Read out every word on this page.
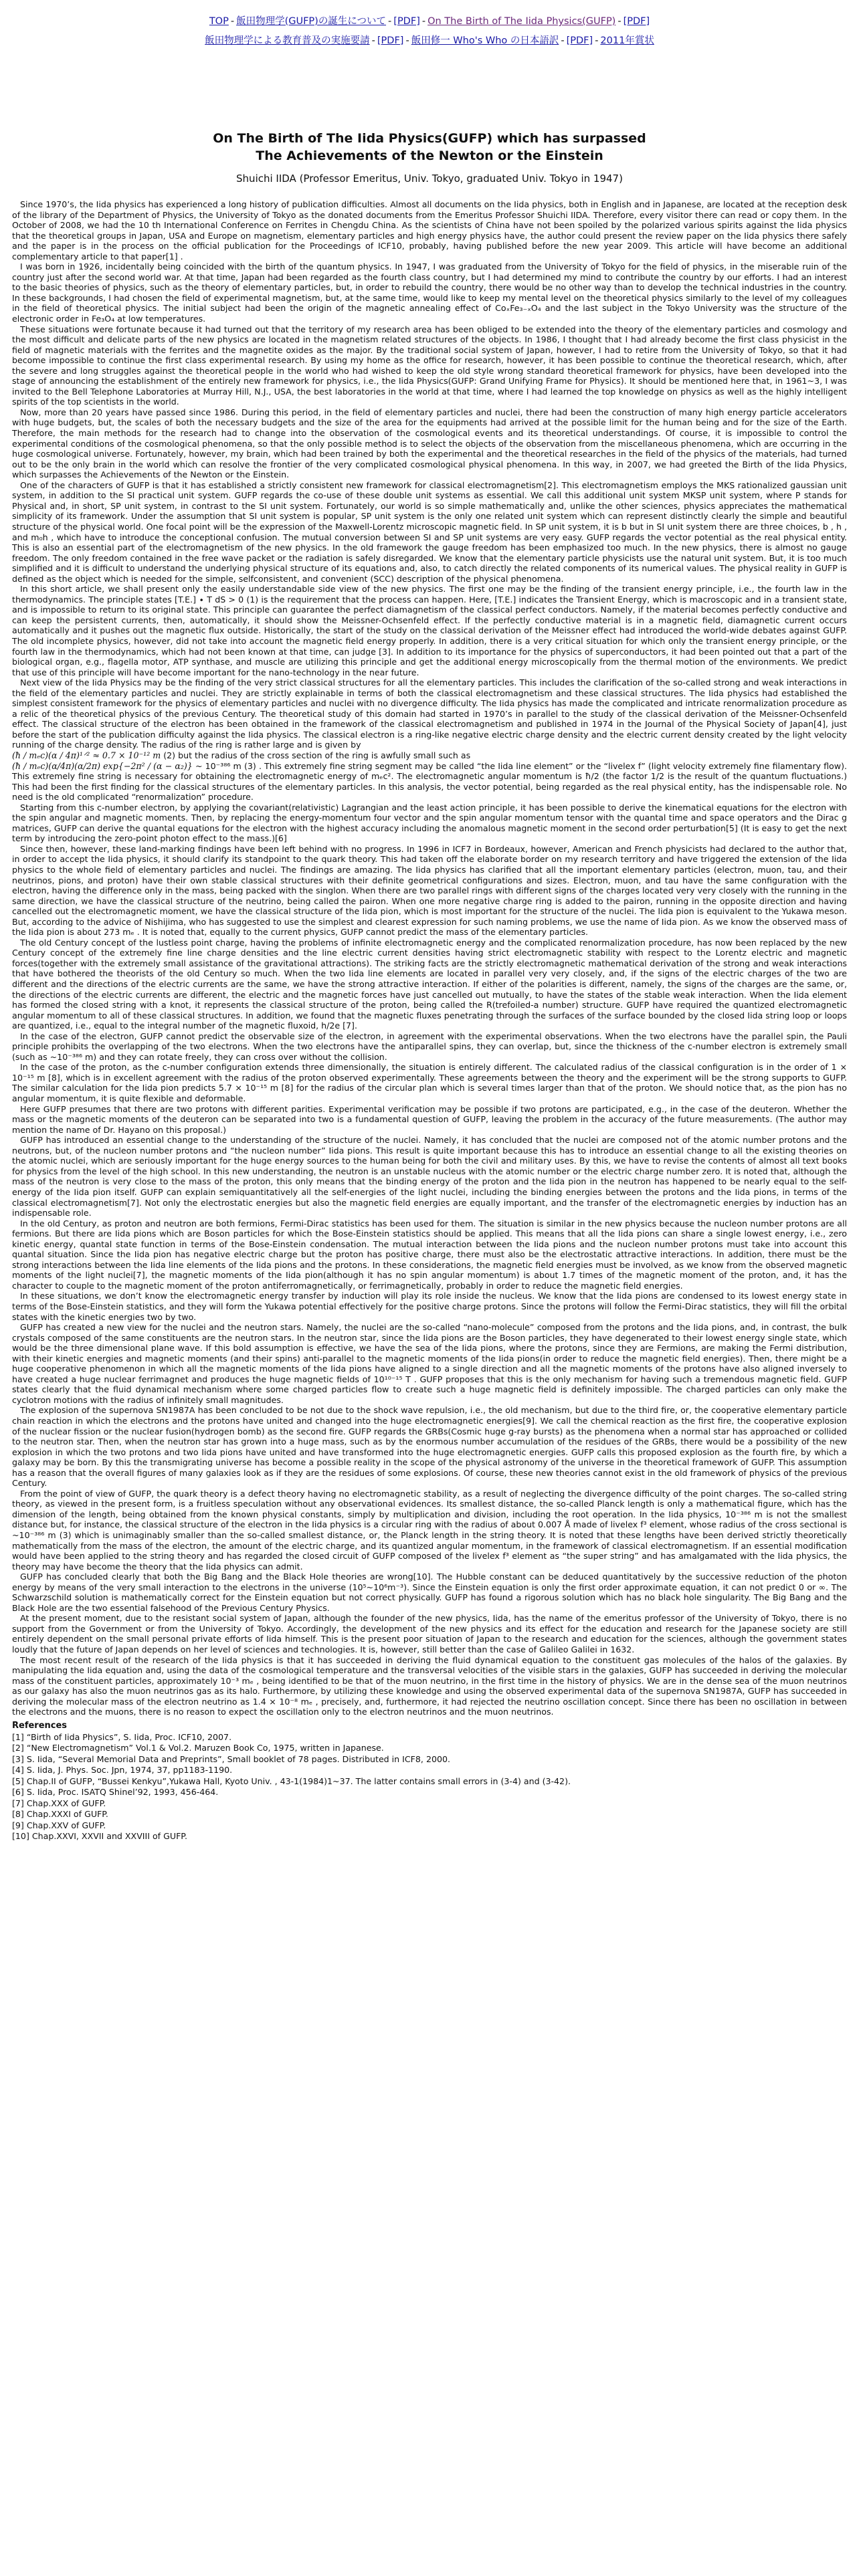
TOP - 飯田物理学(GUFP)の誕生について - [PDF] - On The Birth of The Iida Physics(GUFP) - [PDF]
飯田物理学による教育普及の実施要請 - [PDF] - 飯田修一 Who's Who の日本語訳 - [PDF] - 2011年賞状
On The Birth of The Iida Physics(GUFP) which has surpassed
The Achievements of the Newton or the Einstein
Shuichi IIDA (Professor Emeritus, Univ. Tokyo, graduated Univ. Tokyo in 1947)

Since 1970’s, the Iida physics has experienced a long history of publication difficulties. Almost all documents on the Iida physics, both in English and in Japanese, are located at the reception desk of the library of the Department of Physics, the University of Tokyo as the donated documents from the Emeritus Professor Shuichi IIDA. Therefore, every visitor there can read or copy them. In the October of 2008, we had the 10 th International Conference on Ferrites in Chengdu China. As the scientists of China have not been spoiled by the polarized various spirits against the Iida physics that the theoretical groups in Japan, USA and Europe on magnetism, elementary particles and high energy physics have, the author could present the review paper on the Iida physics there safely and the paper is in the process on the official publication for the Proceedings of ICF10, probably, having published before the new year 2009. This article will have become an additional complementary article to that paper[1] .

I was born in 1926, incidentally being coincided with the birth of the quantum physics. In 1947, I was graduated from the University of Tokyo for the field of physics, in the miserable ruin of the country just after the second world war. At that time, Japan had been regarded as the fourth class country, but I had determined my mind to contribute the country by our efforts. I had an interest to the basic theories of physics, such as the theory of elementary particles, but, in order to rebuild the country, there would be no other way than to develop the technical industries in the country. In these backgrounds, I had chosen the field of experimental magnetism, but, at the same time, would like to keep my mental level on the theoretical physics similarly to the level of my colleagues in the field of theoretical physics. The initial subject had been the origin of the magnetic annealing effect of CoₓFe₃₋ₓO₄ and the last subject in the Tokyo University was the structure of the electronic order in Fe₃O₄ at low temperatures.

These situations were fortunate because it had turned out that the territory of my research area has been obliged to be extended into the theory of the elementary particles and cosmology and the most difficult and delicate parts of the new physics are located in the magnetism related structures of the objects. In 1986, I thought that I had already become the first class physicist in the field of magnetic materials with the ferrites and the magnetite oxides as the major. By the traditional social system of Japan, however, I had to retire from the University of Tokyo, so that it had become impossible to continue the first class experimental research. By using my home as the office for research, however, it has been possible to continue the theoretical research, which, after the severe and long struggles against the theoretical people in the world who had wished to keep the old style wrong standard theoretical framework for physics, have been developed into the stage of announcing the establishment of the entirely new framework for physics, i.e., the Iida Physics(GUFP: Grand Unifying Frame for Physics). It should be mentioned here that, in 1961~3, I was invited to the Bell Telephone Laboratories at Murray Hill, N.J., USA, the best laboratories in the world at that time, where I had learned the top knowledge on physics as well as the highly intelligent spirits of the top scientists in the world.

Now, more than 20 years have passed since 1986. During this period, in the field of elementary particles and nuclei, there had been the construction of many high energy particle accelerators with huge budgets, but, the scales of both the necessary budgets and the size of the area for the equipments had arrived at the possible limit for the human being and for the size of the Earth. Therefore, the main methods for the research had to change into the observation of the cosmological events and its theoretical understandings. Of course, it is impossible to control the experimental conditions of the cosmological phenomena, so that the only possible method is to select the objects of the observation from the miscellaneous phenomena, which are occurring in the huge cosmological universe. Fortunately, however, my brain, which had been trained by both the experimental and the theoretical researches in the field of the physics of the materials, had turned out to be the only brain in the world which can resolve the frontier of the very complicated cosmological physical phenomena. In this way, in 2007, we had greeted the Birth of the Iida Physics, which surpasses the Achievements of the Newton or the Einstein.

One of the characters of GUFP is that it has established a strictly consistent new framework for classical electromagnetism[2]. This electromagnetism employs the MKS rationalized gaussian unit system, in addition to the SI practical unit system. GUFP regards the co-use of these double unit systems as essential. We call this additional unit system MKSP unit system, where P stands for Physical and, in short, SP unit system, in contrast to the SI unit system. Fortunately, our world is so simple mathematically and, unlike the other sciences, physics appreciates the mathematical simplicity of its framework. Under the assumption that SI unit system is popular, SP unit system is the only one related unit system which can represent distinctly clearly the simple and beautiful structure of the physical world. One focal point will be the expression of the Maxwell-Lorentz microscopic magnetic field. In SP unit system, it is b but in SI unit system there are three choices, b , h , and m₀h , which have to introduce the conceptional confusion. The mutual conversion between SI and SP unit systems are very easy. GUFP regards the vector potential as the real physical entity. This is also an essential part of the electromagnetism of the new physics. In the old framework the gauge freedom has been emphasized too much. In the new physics, there is almost no gauge freedom. The only freedom contained in the free wave packet or the radiation is safely disregarded. We know that the elementary particle physicists use the natural unit system. But, it is too much simplified and it is difficult to understand the underlying physical structure of its equations and, also, to catch directly the related components of its numerical values. The physical reality in GUFP is defined as the object which is needed for the simple, selfconsistent, and convenient (SCC) description of the physical phenomena.

In this short article, we shall present only the easily understandable side view of the new physics. The first one may be the finding of the transient energy principle, i.e., the fourth law in the thermodynamics. The principle states [T.E.] ∙ T dS > 0 (1) is the requirement that the process can happen. Here, [T.E.] indicates the Transient Energy, which is macroscopic and in a transient state, and is impossible to return to its original state. This principle can guarantee the perfect diamagnetism of the classical perfect conductors. Namely, if the material becomes perfectly conductive and can keep the persistent currents, then, automatically, it should show the Meissner-Ochsenfeld effect. If the perfectly conductive material is in a magnetic field, diamagnetic current occurs automatically and it pushes out the magnetic flux outside. Historically, the start of the study on the classical derivation of the Meissner effect had introduced the world-wide debates against GUFP. The old incomplete physics, however, did not take into account the magnetic field energy properly. In addition, there is a very critical situation for which only the transient energy principle, or the fourth law in the thermodynamics, which had not been known at that time, can judge [3]. In addition to its importance for the physics of superconductors, it had been pointed out that a part of the biological organ, e.g., flagella motor, ATP synthase, and muscle are utilizing this principle and get the additional energy microscopically from the thermal motion of the environments. We predict that use of this principle will have become important for the nano-technology in the near future.

Next view of the Iida Physics may be the finding of the very strict classical structures for all the elementary particles. This includes the clarification of the so-called strong and weak interactions in the field of the elementary particles and nuclei. They are strictly explainable in terms of both the classical electromagnetism and these classical structures. The Iida physics had established the simplest consistent framework for the physics of elementary particles and nuclei with no divergence difficulty. The Iida physics has made the complicated and intricate renormalization procedure as a relic of the theoretical physics of the previous Century. The theoretical study of this domain had started in 1970’s in parallel to the study of the classical derivation of the Meissner-Ochsenfeld effect. The classical structure of the electron has been obtained in the framework of the classical electromagnetism and published in 1974 in the Journal of the Physical Society of Japan[4], just before the start of the publication difficulty against the Iida physics. The classical electron is a ring-like negative electric charge density and the electric current density created by the light velocity running of the charge density. The radius of the ring is rather large and is given by

(ħ / mₑc)(α / 4π)¹ᐟ² ≈ 0.7 × 10⁻¹² m (2) but the radius of the cross section of the ring is awfully small such as

(ħ / mₑc)(α/4π)(α/2π) exp{−2π² / (α − α₂)} ~ 10⁻³⁸⁶ m (3) . This extremely fine string segment may be called “the Iida line element” or the “livelex f” (light velocity extremely fine filamentary flow). This extremely fine string is necessary for obtaining the electromagnetic energy of mₑc². The electromagnetic angular momentum is ħ/2 (the factor 1/2 is the result of the quantum fluctuations.) This had been the first finding for the classical structures of the elementary particles. In this analysis, the vector potential, being regarded as the real physical entity, has the indispensable role. No need is the old complicated “renormalization” procedure.

Starting from this c-number electron, by applying the covariant(relativistic) Lagrangian and the least action principle, it has been possible to derive the kinematical equations for the electron with the spin angular and magnetic moments. Then, by replacing the energy-momentum four vector and the spin angular momentum tensor with the quantal time and space operators and the Dirac g matrices, GUFP can derive the quantal equations for the electron with the highest accuracy including the anomalous magnetic moment in the second order perturbation[5] (It is easy to get the next term by introducing the zero-point photon effect to the mass.)[6]

Since then, however, these land-marking findings have been left behind with no progress. In 1996 in ICF7 in Bordeaux, however, American and French physicists had declared to the author that, in order to accept the Iida physics, it should clarify its standpoint to the quark theory. This had taken off the elaborate border on my research territory and have triggered the extension of the Iida physics to the whole field of elementary particles and nuclei. The findings are amazing. The Iida physics has clarified that all the important elementary particles (electron, muon, tau, and their neutrinos, pions, and proton) have their own stable classical structures with their definite geometrical configurations and sizes. Electron, muon, and tau have the same configuration with the electron, having the difference only in the mass, being packed with the singlon. When there are two parallel rings with different signs of the charges located very very closely with the running in the same direction, we have the classical structure of the neutrino, being called the pairon. When one more negative charge ring is added to the pairon, running in the opposite direction and having cancelled out the electromagnetic moment, we have the classical structure of the Iida pion, which is most important for the structure of the nuclei. The Iida pion is equivalent to the Yukawa meson. But, according to the advice of Nishijima, who has suggested to use the simplest and clearest expression for such naming problems, we use the name of Iida pion. As we know the observed mass of the Iida pion is about 273 mₑ . It is noted that, equally to the current physics, GUFP cannot predict the mass of the elementary particles.

The old Century concept of the lustless point charge, having the problems of infinite electromagnetic energy and the complicated renormalization procedure, has now been replaced by the new Century concept of the extremely fine line charge densities and the line electric current densities having strict electromagnetic stability with respect to the Lorentz electric and magnetic forces(together with the extremely small assistance of the gravitational attractions). The striking facts are the strictly electromagnetic mathematical derivation of the strong and weak interactions that have bothered the theorists of the old Century so much. When the two Iida line elements are located in parallel very very closely, and, if the signs of the electric charges of the two are different and the directions of the electric currents are the same, we have the strong attractive interaction. If either of the polarities is different, namely, the signs of the charges are the same, or, the directions of the electric currents are different, the electric and the magnetic forces have just cancelled out mutually, to have the states of the stable weak interaction. When the Iida element has formed the closed string with a knot, it represents the classical structure of the proton, being called the R(trefoiled-a number) structure. GUFP have required the quantized electromagnetic angular momentum to all of these classical structures. In addition, we found that the magnetic fluxes penetrating through the surfaces of the surface bounded by the closed Iida string loop or loops are quantized, i.e., equal to the integral number of the magnetic fluxoid, h/2e [7].

In the case of the electron, GUFP cannot predict the observable size of the electron, in agreement with the experimental observations. When the two electrons have the parallel spin, the Pauli principle prohibits the overlapping of the two electrons. When the two electrons have the antiparallel spins, they can overlap, but, since the thickness of the c-number electron is extremely small (such as ~10⁻³⁸⁶ m) and they can rotate freely, they can cross over without the collision.

In the case of the proton, as the c-number configuration extends three dimensionally, the situation is entirely different. The calculated radius of the classical configuration is in the order of 1 × 10⁻¹⁵ m [8], which is in excellent agreement with the radius of the proton observed experimentally. These agreements between the theory and the experiment will be the strong supports to GUFP. The similar calculation for the Iida pion predicts 5.7 × 10⁻¹⁵ m [8] for the radius of the circular plan which is several times larger than that of the proton. We should notice that, as the pion has no angular momentum, it is quite flexible and deformable.

Here GUFP presumes that there are two protons with different parities. Experimental verification may be possible if two protons are participated, e.g., in the case of the deuteron. Whether the mass or the magnetic moments of the deuteron can be separated into two is a fundamental question of GUFP, leaving the problem in the accuracy of the future measurements. (The author may mention the name of Dr. Hayano on this proposal.)

GUFP has introduced an essential change to the understanding of the structure of the nuclei. Namely, it has concluded that the nuclei are composed not of the atomic number protons and the neutrons, but, of the nucleon number protons and “the nucleon number” Iida pions. This result is quite important because this has to introduce an essential change to all the existing theories on the atomic nuclei, which are seriously important for the huge energy sources to the human being for both the civil and military uses. By this, we have to revise the contents of almost all text books for physics from the level of the high school. In this new understanding, the neutron is an unstable nucleus with the atomic number or the electric charge number zero. It is noted that, although the mass of the neutron is very close to the mass of the proton, this only means that the binding energy of the proton and the Iida pion in the neutron has happened to be nearly equal to the self-energy of the Iida pion itself. GUFP can explain semiquantitatively all the self-energies of the light nuclei, including the binding energies between the protons and the Iida pions, in terms of the classical electromagnetism[7]. Not only the electrostatic energies but also the magnetic field energies are equally important, and the transfer of the electromagnetic energies by induction has an indispensable role.

In the old Century, as proton and neutron are both fermions, Fermi-Dirac statistics has been used for them. The situation is similar in the new physics because the nucleon number protons are all fermions. But there are Iida pions which are Boson particles for which the Bose-Einstein statistics should be applied. This means that all the Iida pions can share a single lowest energy, i.e., zero kinetic energy, quantal state function in terms of the Bose-Einstein condensation. The mutual interaction between the Iida pions and the nucleon number protons must take into account this quantal situation. Since the Iida pion has negative electric charge but the proton has positive charge, there must also be the electrostatic attractive interactions. In addition, there must be the strong interactions between the Iida line elements of the Iida pions and the protons. In these considerations, the magnetic field energies must be involved, as we know from the observed magnetic moments of the light nuclei[7], the magnetic moments of the Iida pion(although it has no spin angular momentum) is about 1.7 times of the magnetic moment of the proton, and, it has the character to couple to the magnetic moment of the proton antiferromagnetically, or ferrimagnetically, probably in order to reduce the magnetic field energies.

In these situations, we don’t know the electromagnetic energy transfer by induction will play its role inside the nucleus. We know that the Iida pions are condensed to its lowest energy state in terms of the Bose-Einstein statistics, and they will form the Yukawa potential effectively for the positive charge protons. Since the protons will follow the Fermi-Dirac statistics, they will fill the orbital states with the kinetic energies two by two.

GUFP has created a new view for the nuclei and the neutron stars. Namely, the nuclei are the so-called “nano-molecule” composed from the protons and the Iida pions, and, in contrast, the bulk crystals composed of the same constituents are the neutron stars. In the neutron star, since the Iida pions are the Boson particles, they have degenerated to their lowest energy single state, which would be the three dimensional plane wave. If this bold assumption is effective, we have the sea of the Iida pions, where the protons, since they are Fermions, are making the Fermi distribution, with their kinetic energies and magnetic moments (and their spins) anti-parallel to the magnetic moments of the Iida pions(in order to reduce the magnetic field energies). Then, there might be a huge cooperative phenomenon in which all the magnetic moments of the Iida pions have aligned to a single direction and all the magnetic moments of the protons have also aligned inversely to have created a huge nuclear ferrimagnet and produces the huge magnetic fields of 10¹⁰⁻¹⁵ T . GUFP proposes that this is the only mechanism for having such a tremendous magnetic field. GUFP states clearly that the fluid dynamical mechanism where some charged particles flow to create such a huge magnetic field is definitely impossible. The charged particles can only make the cyclotron motions with the radius of infinitely small magnitudes.

The explosion of the supernova SN1987A has been concluded to be not due to the shock wave repulsion, i.e., the old mechanism, but due to the third fire, or, the cooperative elementary particle chain reaction in which the electrons and the protons have united and changed into the huge electromagnetic energies[9]. We call the chemical reaction as the first fire, the cooperative explosion of the nuclear fission or the nuclear fusion(hydrogen bomb) as the second fire. GUFP regards the GRBs(Cosmic huge g-ray bursts) as the phenomena when a normal star has approached or collided to the neutron star. Then, when the neutron star has grown into a huge mass, such as by the enormous number accumulation of the residues of the GRBs, there would be a possibility of the new explosion in which the two protons and two Iida pions have united and have transformed into the huge electromagnetic energies. GUFP calls this proposed explosion as the fourth fire, by which a galaxy may be born. By this the transmigrating universe has become a possible reality in the scope of the physical astronomy of the universe in the theoretical framework of GUFP. This assumption has a reason that the overall figures of many galaxies look as if they are the residues of some explosions. Of course, these new theories cannot exist in the old framework of physics of the previous Century.

From the point of view of GUFP, the quark theory is a defect theory having no electromagnetic stability, as a result of neglecting the divergence difficulty of the point charges. The so-called string theory, as viewed in the present form, is a fruitless speculation without any observational evidences. Its smallest distance, the so-called Planck length is only a mathematical figure, which has the dimension of the length, being obtained from the known physical constants, simply by multiplication and division, including the root operation. In the Iida physics, 10⁻³⁸⁶ m is not the smallest distance but, for instance, the classical structure of the electron in the Iida physics is a circular ring with the radius of about 0.007 Å made of livelex f³ element, whose radius of the cross sectional is ~10⁻³⁸⁶ m (3) which is unimaginably smaller than the so-called smallest distance, or, the Planck length in the string theory. It is noted that these lengths have been derived strictly theoretically mathematically from the mass of the electron, the amount of the electric charge, and its quantized angular momentum, in the framework of classical electromagnetism. If an essential modification would have been applied to the string theory and has regarded the closed circuit of GUFP composed of the livelex f³ element as “the super string” and has amalgamated with the Iida physics, the theory may have become the theory that the Iida physics can admit.

GUFP has concluded clearly that both the Big Bang and the Black Hole theories are wrong[10]. The Hubble constant can be deduced quantitatively by the successive reduction of the photon energy by means of the very small interaction to the electrons in the universe (10⁵~10⁶m⁻³). Since the Einstein equation is only the first order approximate equation, it can not predict 0 or ∞. The Schwarzschild solution is mathematically correct for the Einstein equation but not correct physically. GUFP has found a rigorous solution which has no black hole singularity. The Big Bang and the Black Hole are the two essential falsehood of the Previous Century Physics.

At the present moment, due to the resistant social system of Japan, although the founder of the new physics, Iida, has the name of the emeritus professor of the University of Tokyo, there is no support from the Government or from the University of Tokyo. Accordingly, the development of the new physics and its effect for the education and research for the Japanese society are still entirely dependent on the small personal private efforts of Iida himself. This is the present poor situation of Japan to the research and education for the sciences, although the government states loudly that the future of Japan depends on her level of sciences and technologies. It is, however, still better than the case of Galileo Galilei in 1632.

The most recent result of the research of the Iida physics is that it has succeeded in deriving the fluid dynamical equation to the constituent gas molecules of the halos of the galaxies. By manipulating the Iida equation and, using the data of the cosmological temperature and the transversal velocities of the visible stars in the galaxies, GUFP has succeeded in deriving the molecular mass of the constituent particles, approximately 10⁻³ mₑ , being identified to be that of the muon neutrino, in the first time in the history of physics. We are in the dense sea of the muon neutrinos as our galaxy has also the muon neutrinos gas as its halo. Furthermore, by utilizing these knowledge and using the observed experimental data of the supernova SN1987A, GUFP has succeeded in deriving the molecular mass of the electron neutrino as 1.4 × 10⁻⁸ mₑ , precisely, and, furthermore, it had rejected the neutrino oscillation concept. Since there has been no oscillation in between the electrons and the muons, there is no reason to expect the oscillation only to the electron neutrinos and the muon neutrinos.

References
[1] “Birth of Iida Physics”, S. Iida, Proc. ICF10, 2007.
[2] “New Electromagnetism” Vol.1 & Vol.2. Maruzen Book Co, 1975, written in Japanese.
[3] S. Iida, “Several Memorial Data and Preprints”, Small booklet of 78 pages. Distributed in ICF8, 2000.
[4] S. Iida, J. Phys. Soc. Jpn, 1974, 37, pp1183-1190.
[5] Chap.II of GUFP, “Bussei Kenkyu”,Yukawa Hall, Kyoto Univ. , 43-1(1984)1~37. The latter contains small errors in (3-4) and (3-42).
[6] S. Iida, Proc. ISATQ Shinel’92, 1993, 456-464.
[7] Chap.XXX of GUFP.
[8] Chap.XXXI of GUFP.
[9] Chap.XXV of GUFP.
[10] Chap.XXVI, XXVII and XXVIII of GUFP.
